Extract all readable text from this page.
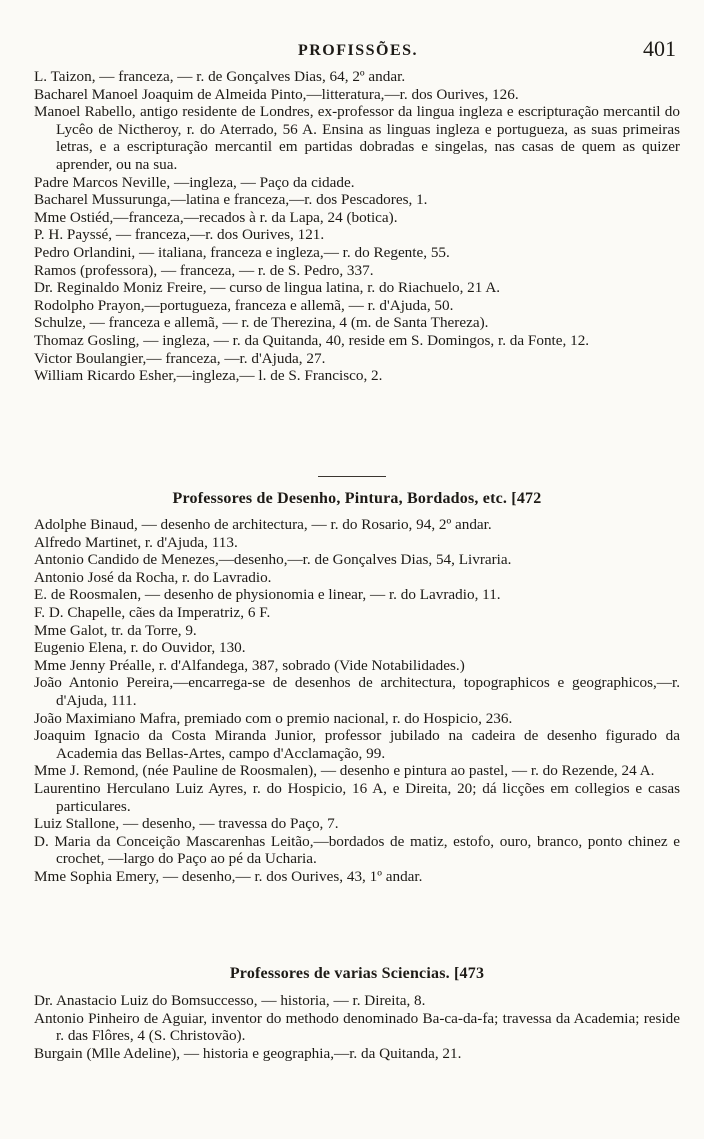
PROFISSÕES.	401

L. Taizon, — franceza, — r. de Gonçalves Dias, 64, 2º andar.

Bacharel Manoel Joaquim de Almeida Pinto,—litteratura,—r. dos Ourives, 126.

Manoel Rabello, antigo residente de Londres, ex-professor da lingua ingleza e escripturação mercantil do Lycêo de Nictheroy, r. do Aterrado, 56 A. Ensina as linguas ingleza e portugueza, as suas primeiras letras, e a escripturação mercantil em partidas dobradas e singelas, nas casas de quem as quizer aprender, ou na sua.

Padre Marcos Neville, —ingleza, — Paço da cidade.

Bacharel Mussurunga,—latina e franceza,—r. dos Pescadores, 1.

Mme Ostiéd,—franceza,—recados à r. da Lapa, 24 (botica).

P. H. Payssé, — franceza,—r. dos Ourives, 121.

Pedro Orlandini, — italiana, franceza e ingleza,— r. do Regente, 55.

Ramos (professora), — franceza, — r. de S. Pedro, 337.

Dr. Reginaldo Moniz Freire, — curso de lingua latina, r. do Riachuelo, 21 A.

Rodolpho Prayon,—portugueza, franceza e allemã, — r. d'Ajuda, 50.

Schulze, — franceza e allemã, — r. de Therezina, 4 (m. de Santa Thereza).

Thomaz Gosling, — ingleza, — r. da Quitanda, 40, reside em S. Domingos, r. da Fonte, 12.

Victor Boulangier,— franceza, —r. d'Ajuda, 27.

William Ricardo Esher,—ingleza,— l. de S. Francisco, 2.

Professores de Desenho, Pintura, Bordados, etc. [472

Adolphe Binaud, — desenho de architectura, — r. do Rosario, 94, 2º andar.

Alfredo Martinet, r. d'Ajuda, 113.

Antonio Candido de Menezes,—desenho,—r. de Gonçalves Dias, 54, Livraria.

Antonio José da Rocha, r. do Lavradio.

E. de Roosmalen, — desenho de physionomia e linear, — r. do Lavradio, 11.

F. D. Chapelle, cães da Imperatriz, 6 F.

Mme Galot, tr. da Torre, 9.

Eugenio Elena, r. do Ouvidor, 130.

Mme Jenny Préalle, r. d'Alfandega, 387, sobrado (Vide Notabilidades.)

João Antonio Pereira,—encarrega-se de desenhos de architectura, topographicos e geographicos,—r. d'Ajuda, 111.

João Maximiano Mafra, premiado com o premio nacional, r. do Hospicio, 236.

Joaquim Ignacio da Costa Miranda Junior, professor jubilado na cadeira de desenho figurado da Academia das Bellas-Artes, campo d'Acclamação, 99.

Mme J. Remond, (née Pauline de Roosmalen), — desenho e pintura ao pastel, — r. do Rezende, 24 A.

Laurentino Herculano Luiz Ayres, r. do Hospicio, 16 A, e Direita, 20; dá licções em collegios e casas particulares.

Luiz Stallone, — desenho, — travessa do Paço, 7.

D. Maria da Conceição Mascarenhas Leitão,—bordados de matiz, estofo, ouro, branco, ponto chinez e crochet, —largo do Paço ao pé da Ucharia.

Mme Sophia Emery, — desenho,— r. dos Ourives, 43, 1º andar.

Professores de varias Sciencias. [473

Dr. Anastacio Luiz do Bomsuccesso, — historia, — r. Direita, 8.

Antonio Pinheiro de Aguiar, inventor do methodo denominado Ba-ca-da-fa; travessa da Academia; reside r. das Flôres, 4 (S. Christovão).

Burgain (Mlle Adeline), — historia e geographia,—r. da Quitanda, 21.
